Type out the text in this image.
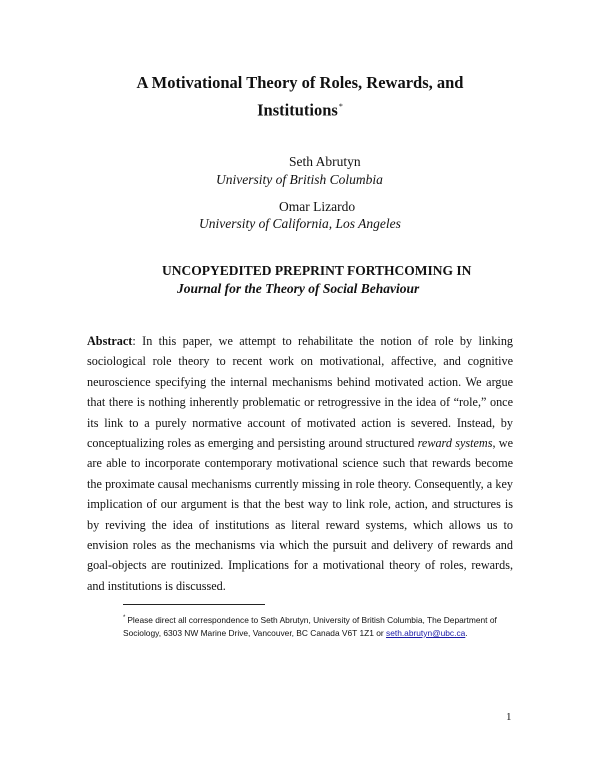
A Motivational Theory of Roles, Rewards, and
Institutions*
Seth Abrutyn
University of British Columbia
Omar Lizardo
University of California, Los Angeles
UNCOPYEDITED PREPRINT FORTHCOMING IN
Journal for the Theory of Social Behaviour

Abstract: In this paper, we attempt to rehabilitate the notion of role by linking sociological role theory to recent work on motivational, affective, and cognitive neuroscience specifying the internal mechanisms behind motivated action. We argue that there is nothing inherently problematic or retrogressive in the idea of “role,” once its link to a purely normative account of motivated action is severed. Instead, by conceptualizing roles as emerging and persisting around structured reward systems, we are able to incorporate contemporary motivational science such that rewards become the proximate causal mechanisms currently missing in role theory. Consequently, a key implication of our argument is that the best way to link role, action, and structures is by reviving the idea of institutions as literal reward systems, which allows us to envision roles as the mechanisms via which the pursuit and delivery of rewards and goal-objects are routinized. Implications for a motivational theory of roles, rewards, and institutions is discussed.

* Please direct all correspondence to Seth Abrutyn, University of British Columbia, The Department of Sociology, 6303 NW Marine Drive, Vancouver, BC Canada V6T 1Z1 or seth.abrutyn@ubc.ca.

1
